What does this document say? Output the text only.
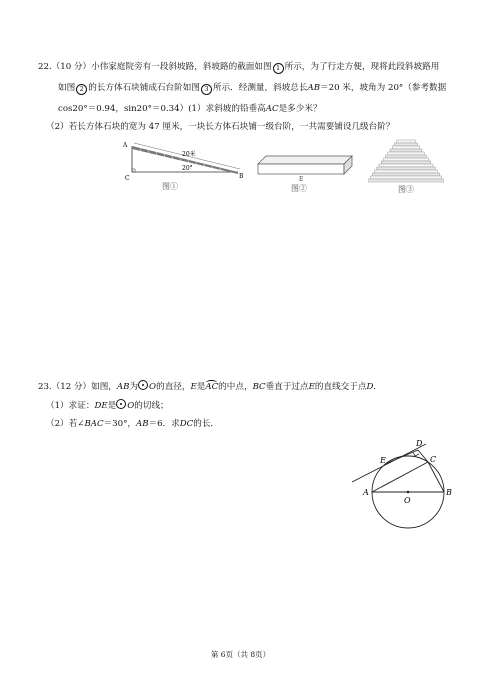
22.（10 分）小伟家庭院旁有一段斜坡路，斜坡路的截面如图 1 所示，为了行走方便，现将此段斜坡路用
如图 2 的长方体石块铺成石台阶如图 3 所示．经测量，斜坡总长AB＝20 米，坡角为 20°（参考数据
cos20°＝0.94，sin20°＝0.34）(1）求斜坡的铅垂高AC是多少米？
（2）若长方体石块的宽为 47 厘米，一块长方体石块铺一级台阶，一共需要铺设几级台阶？
A
B
C
20米
20°
图①
E
图②	图③
23.（12 分）如图，AB为 O的直径，E是AC的中点，BC垂直于过点E的直线交于点D．
（1）求证：DE是 O的切线；
（2）若∠BAC＝30°，AB＝6．求DC的长．
D
E	C
A
O
B
第 6页（共 8页）
